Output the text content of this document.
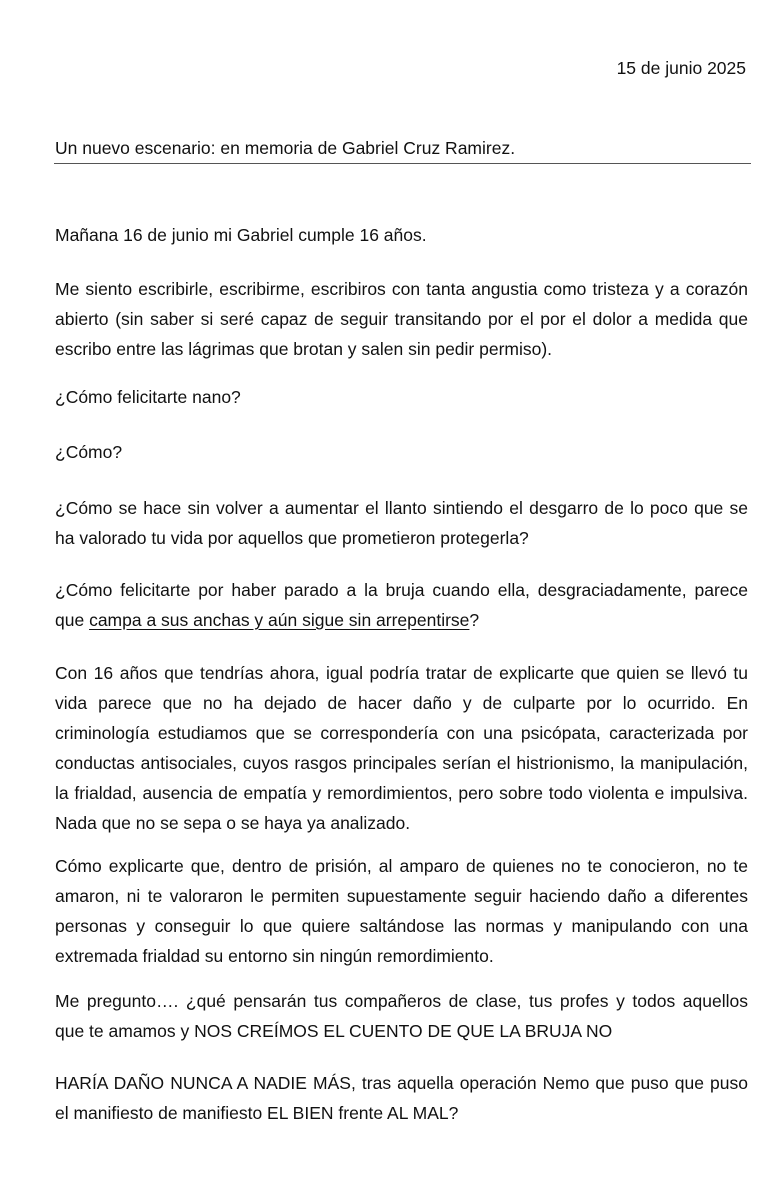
15 de junio 2025
Un nuevo escenario: en memoria de Gabriel Cruz Ramirez.

Mañana 16 de junio mi Gabriel cumple 16 años.

Me siento escribirle, escribirme, escribiros con tanta angustia como tristeza y a corazón abierto (sin saber si seré capaz de seguir transitando por el por el dolor a medida que escribo entre las lágrimas que brotan y salen sin pedir permiso).

¿Cómo felicitarte nano?

¿Cómo?

¿Cómo se hace sin volver a aumentar el llanto sintiendo el desgarro de lo poco que se ha valorado tu vida por aquellos que prometieron protegerla?

¿Cómo felicitarte por haber parado a la bruja cuando ella, desgraciadamente, parece que campa a sus anchas y aún sigue sin arrepentirse?

Con 16 años que tendrías ahora, igual podría tratar de explicarte que quien se llevó tu vida parece que no ha dejado de hacer daño y de culparte por lo ocurrido. En criminología estudiamos que se correspondería con una psicópata, caracterizada por conductas antisociales, cuyos rasgos principales serían el histrionismo, la manipulación, la frialdad, ausencia de empatía y remordimientos, pero sobre todo violenta e impulsiva. Nada que no se sepa o se haya ya analizado.

Cómo explicarte que, dentro de prisión, al amparo de quienes no te conocieron, no te amaron, ni te valoraron le permiten supuestamente seguir haciendo daño a diferentes personas y conseguir lo que quiere saltándose las normas y manipulando con una extremada frialdad su entorno sin ningún remordimiento.

Me pregunto…. ¿qué pensarán tus compañeros de clase, tus profes y todos aquellos que te amamos y NOS CREÍMOS EL CUENTO DE QUE LA BRUJA NO

HARÍA DAÑO NUNCA A NADIE MÁS, tras aquella operación Nemo que puso que puso el manifiesto de manifiesto EL BIEN frente AL MAL?
